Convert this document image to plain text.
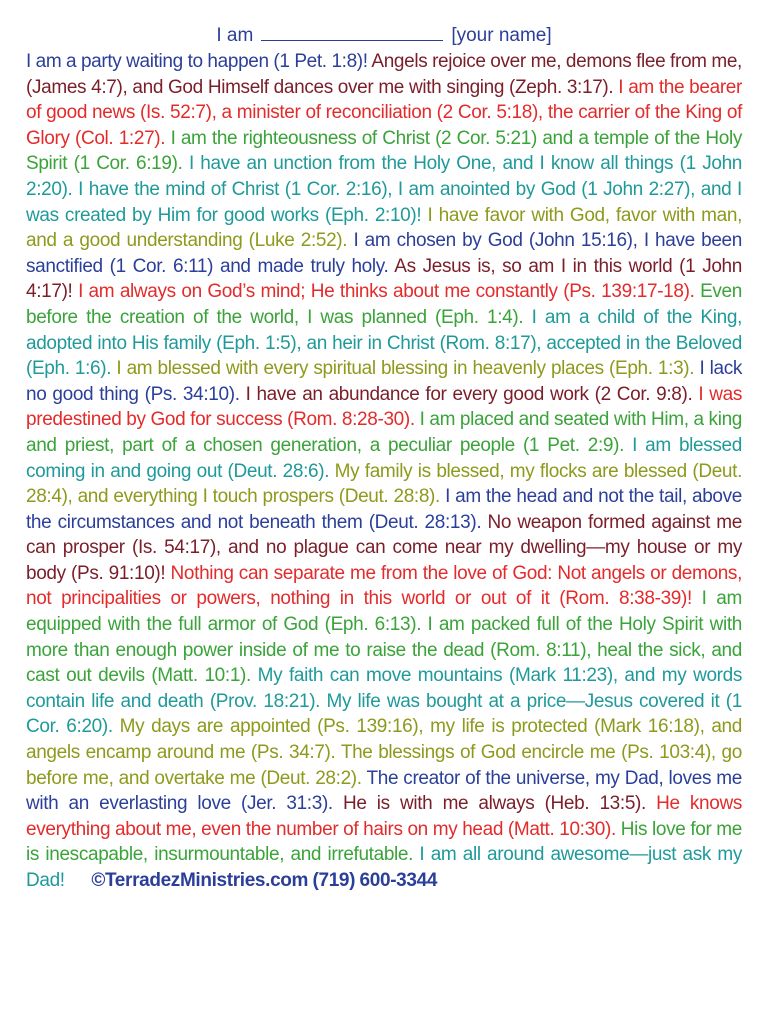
I am	[your name]

I am a party waiting to happen (1 Pet. 1:8)! Angels rejoice over me, demons flee from me, (James 4:7), and God Himself dances over me with singing (Zeph. 3:17). I am the bearer of good news (Is. 52:7), a minister of reconciliation (2 Cor. 5:18), the carrier of the King of Glory (Col. 1:27). I am the righteousness of Christ (2 Cor. 5:21) and a temple of the Holy Spirit (1 Cor. 6:19). I have an unction from the Holy One, and I know all things (1 John 2:20). I have the mind of Christ (1 Cor. 2:16), I am anointed by God (1 John 2:27), and I was created by Him for good works (Eph. 2:10)! I have favor with God, favor with man, and a good understanding (Luke 2:52). I am chosen by God (John 15:16), I have been sanctified (1 Cor. 6:11) and made truly holy. As Jesus is, so am I in this world (1 John 4:17)! I am always on God’s mind; He thinks about me constantly (Ps. 139:17-18). Even before the creation of the world, I was planned (Eph. 1:4). I am a child of the King, adopted into His family (Eph. 1:5), an heir in Christ (Rom. 8:17), accepted in the Beloved (Eph. 1:6). I am blessed with every spiritual blessing in heavenly places (Eph. 1:3). I lack no good thing (Ps. 34:10). I have an abundance for every good work (2 Cor. 9:8). I was predestined by God for success (Rom. 8:28-30). I am placed and seated with Him, a king and priest, part of a chosen generation, a peculiar people (1 Pet. 2:9). I am blessed coming in and going out (Deut. 28:6). My family is blessed, my flocks are blessed (Deut. 28:4), and everything I touch prospers (Deut. 28:8). I am the head and not the tail, above the circumstances and not beneath them (Deut. 28:13). No weapon formed against me can prosper (Is. 54:17), and no plague can come near my dwelling—my house or my body (Ps. 91:10)! Nothing can separate me from the love of God: Not angels or demons, not principalities or powers, nothing in this world or out of it (Rom. 8:38-39)! I am equipped with the full armor of God (Eph. 6:13). I am packed full of the Holy Spirit with more than enough power inside of me to raise the dead (Rom. 8:11), heal the sick, and cast out devils (Matt. 10:1). My faith can move mountains (Mark 11:23), and my words contain life and death (Prov. 18:21). My life was bought at a price—Jesus covered it (1 Cor. 6:20). My days are appointed (Ps. 139:16), my life is protected (Mark 16:18), and angels encamp around me (Ps. 34:7). The blessings of God encircle me (Ps. 103:4), go before me, and overtake me (Deut. 28:2). The creator of the universe, my Dad, loves me with an everlasting love (Jer. 31:3). He is with me always (Heb. 13:5). He knows everything about me, even the number of hairs on my head (Matt. 10:30). His love for me is inescapable, insurmountable, and irrefutable. I am all around awesome—just ask my Dad! ©TerradezMinistries.com (719) 600-3344
